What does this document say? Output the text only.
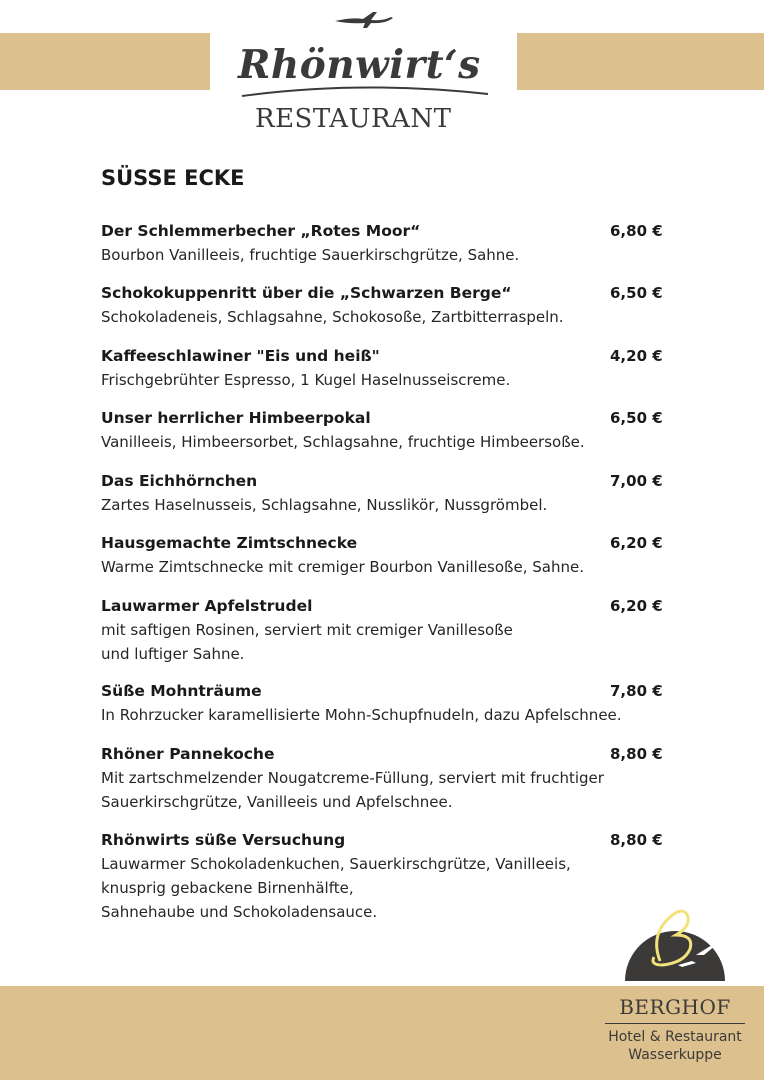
Rhönwirt‘s
RESTAURANT
SÜSSE ECKE
Der Schlemmerbecher „Rotes Moor“	6,80 €

Bourbon Vanilleeis, fruchtige Sauerkirschgrütze, Sahne.

Schokokuppenritt über die „Schwarzen Berge“	6,50 €

Schokoladeneis, Schlagsahne, Schokosoße, Zartbitterraspeln.

Kaffeeschlawiner "Eis und heiß"	4,20 €

Frischgebrühter Espresso, 1 Kugel Haselnusseiscreme.

Unser herrlicher Himbeerpokal	6,50 €

Vanilleeis, Himbeersorbet, Schlagsahne, fruchtige Himbeersoße.

Das Eichhörnchen	7,00 €

Zartes Haselnusseis, Schlagsahne, Nusslikör, Nussgrömbel.

Hausgemachte Zimtschnecke	6,20 €

Warme Zimtschnecke mit cremiger Bourbon Vanillesoße, Sahne.

Lauwarmer Apfelstrudel	6,20 €

mit saftigen Rosinen, serviert mit cremiger Vanillesoße
und luftiger Sahne.

Süße Mohnträume	7,80 €

In Rohrzucker karamellisierte Mohn-Schupfnudeln, dazu Apfelschnee.

Rhöner Pannekoche	8,80 €

Mit zartschmelzender Nougatcreme-Füllung, serviert mit fruchtiger
Sauerkirschgrütze, Vanilleeis und Apfelschnee.

Rhönwirts süße Versuchung	8,80 €

Lauwarmer Schokoladenkuchen, Sauerkirschgrütze, Vanilleeis,
knusprig gebackene Birnenhälfte,
Sahnehaube und Schokoladensauce.

BERGHOF
Hotel & Restaurant
Wasserkuppe
